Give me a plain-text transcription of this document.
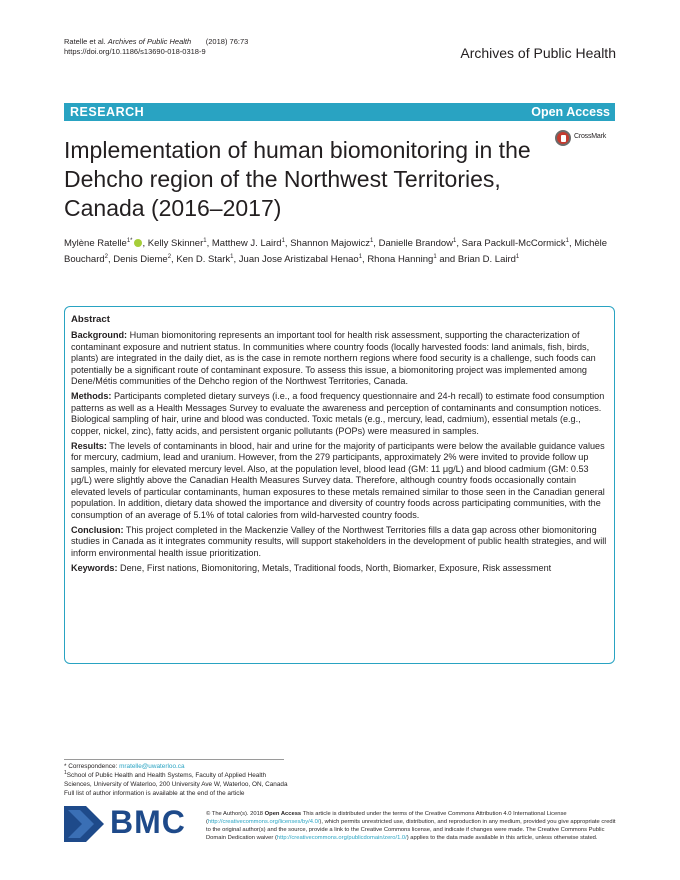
Ratelle et al. Archives of Public Health (2018) 76:73
https://doi.org/10.1186/s13690-018-0318-9	Archives of Public Health
RESEARCH	Open Access
Implementation of human biomonitoring in the Dehcho region of the Northwest Territories, Canada (2016–2017)
CrossMark
Mylène Ratelle$^{1*}$ , Kelly Skinner$^1$, Matthew J. Laird$^1$, Shannon Majowicz$^1$, Danielle Brandow$^1$, Sara Packull-McCormick$^1$, Michèle Bouchard$^2$, Denis Dieme$^2$, Ken D. Stark$^1$, Juan Jose Aristizabal Henao$^1$, Rhona Hanning$^1$ and Brian D. Laird$^1$
Abstract

Background: Human biomonitoring represents an important tool for health risk assessment, supporting the characterization of contaminant exposure and nutrient status. In communities where country foods (locally harvested foods: land animals, fish, birds, plants) are integrated in the daily diet, as is the case in remote northern regions where food security is a challenge, such foods can potentially be a significant route of contaminant exposure. To assess this issue, a biomonitoring project was implemented among Dene/Métis communities of the Dehcho region of the Northwest Territories, Canada.

Methods: Participants completed dietary surveys (i.e., a food frequency questionnaire and 24-h recall) to estimate food consumption patterns as well as a Health Messages Survey to evaluate the awareness and perception of contaminants and consumption notices. Biological sampling of hair, urine and blood was conducted. Toxic metals (e.g., mercury, lead, cadmium), essential metals (e.g., copper, nickel, zinc), fatty acids, and persistent organic pollutants (POPs) were measured in samples.

Results: The levels of contaminants in blood, hair and urine for the majority of participants were below the available guidance values for mercury, cadmium, lead and uranium. However, from the 279 participants, approximately 2% were invited to provide follow up samples, mainly for elevated mercury level. Also, at the population level, blood lead (GM: 11 μg/L) and blood cadmium (GM: 0.53 μg/L) were slightly above the Canadian Health Measures Survey data. Therefore, although country foods occasionally contain elevated levels of particular contaminants, human exposures to these metals remained similar to those seen in the Canadian general population. In addition, dietary data showed the importance and diversity of country foods across participating communities, with the consumption of an average of 5.1% of total calories from wild-harvested country foods.

Conclusion: This project completed in the Mackenzie Valley of the Northwest Territories fills a data gap across other biomonitoring studies in Canada as it integrates community results, will support stakeholders in the development of public health strategies, and will inform environmental health issue prioritization.

Keywords: Dene, First nations, Biomonitoring, Metals, Traditional foods, North, Biomarker, Exposure, Risk assessment

* Correspondence: mratelle@uwaterloo.ca
$^1$School of Public Health and Health Systems, Faculty of Applied Health
Sciences, University of Waterloo, 200 University Ave W, Waterloo, ON, Canada
Full list of author information is available at the end of the article
BMC	© The Author(s). 2018 Open Access This article is distributed under the terms of the Creative Commons Attribution 4.0 International License (http://creativecommons.org/licenses/by/4.0/), which permits unrestricted use, distribution, and reproduction in any medium, provided you give appropriate credit to the original author(s) and the source, provide a link to the Creative Commons license, and indicate if changes were made. The Creative Commons Public Domain Dedication waiver (http://creativecommons.org/publicdomain/zero/1.0/) applies to the data made available in this article, unless otherwise stated.
